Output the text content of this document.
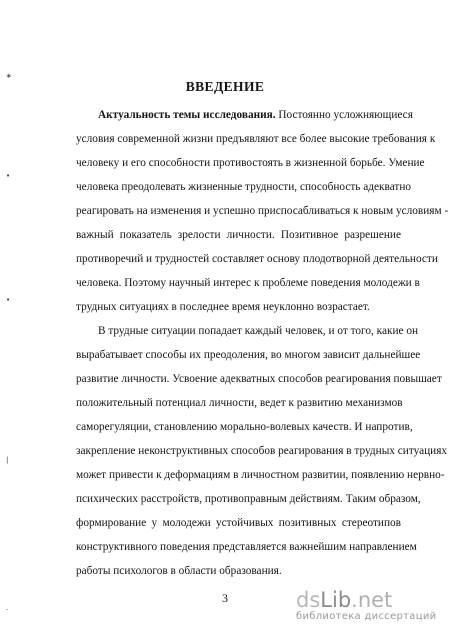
ВВЕДЕНИЕ
Актуальность темы исследования. Постоянно усложняющиеся
условия современной жизни предъявляют все более высокие требования к
человеку и его способности противостоять в жизненной борьбе. Умение
человека преодолевать жизненные трудности, способность адекватно
реагировать на изменения и успешно приспосабливаться к новым условиям -
важный показатель зрелости личности. Позитивное разрешение
противоречий и трудностей составляет основу плодотворной деятельности
человека. Поэтому научный интерес к проблеме поведения молодежи в
трудных ситуациях в последнее время неуклонно возрастает.
В трудные ситуации попадает каждый человек, и от того, какие он
вырабатывает способы их преодоления, во многом зависит дальнейшее
развитие личности. Усвоение адекватных способов реагирования повышает
положительный потенциал личности, ведет к развитию механизмов
саморегуляции, становлению морально-волевых качеств. И напротив,
закрепление неконструктивных способов реагирования в трудных ситуациях
может привести к деформациям в личностном развитии, появлению нервно-
психических расстройств, противоправным действиям. Таким образом,
формирование у молодежи устойчивых позитивных стереотипов
конструктивного поведения представляется важнейшим направлением
работы психологов в области образования.
3
∗
•
•
|
·	dsLib.net
библиотека диссертаций
